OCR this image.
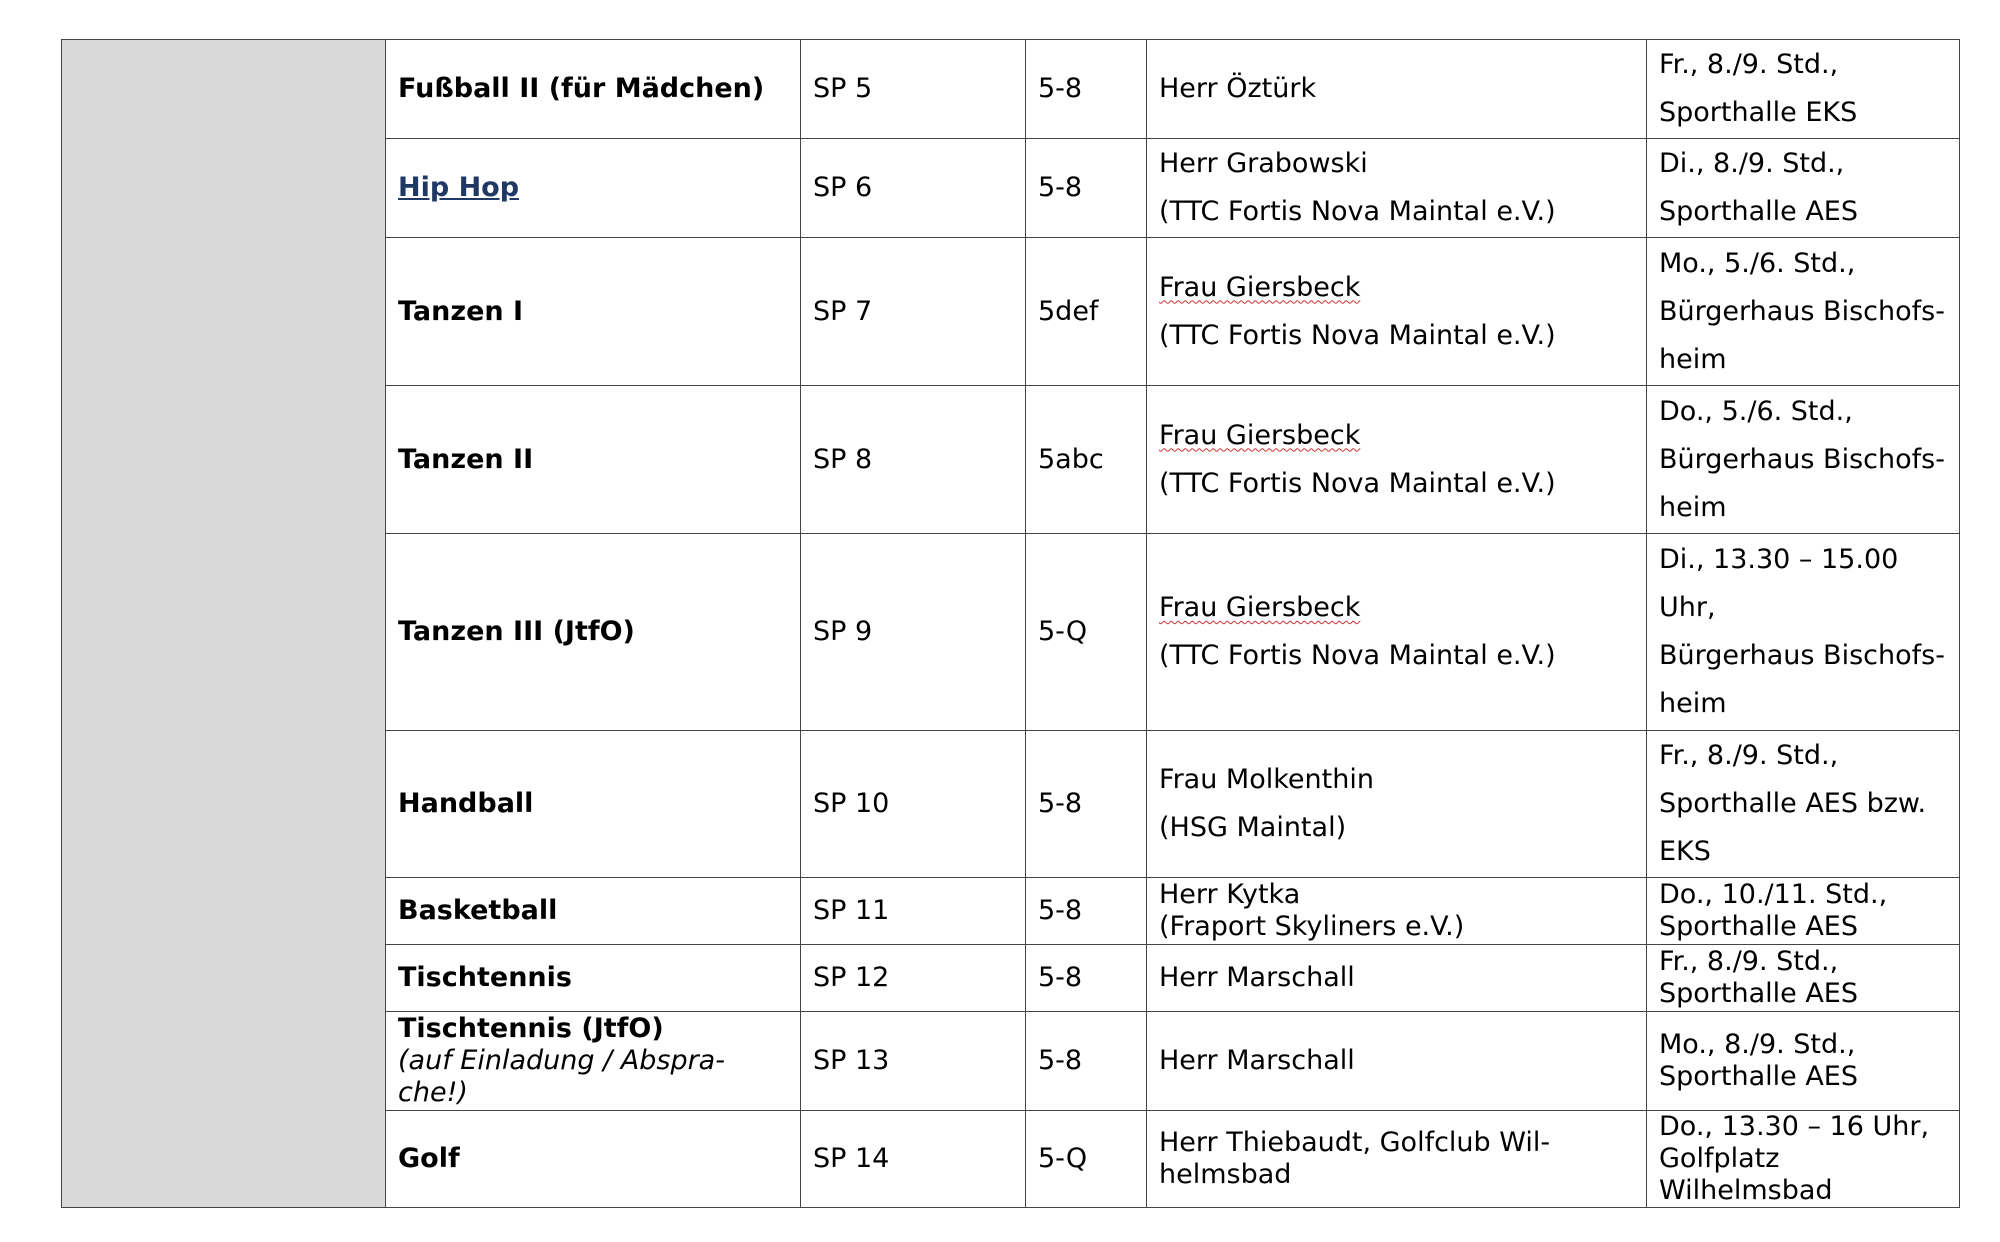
	Fußball II (für Mädchen)	SP 5	5-8	Herr Öztürk	Fr., 8./9. Std.,
Sporthalle EKS

	Hip Hop	SP 6	5-8	Herr Grabowski
(TTC Fortis Nova Maintal e.V.)	Di., 8./9. Std.,
Sporthalle AES

	Tanzen I	SP 7	5def	Frau Giersbeck
(TTC Fortis Nova Maintal e.V.)	Mo., 5./6. Std.,
Bürgerhaus Bischofs-
heim

	Tanzen II	SP 8	5abc	Frau Giersbeck
(TTC Fortis Nova Maintal e.V.)	Do., 5./6. Std.,
Bürgerhaus Bischofs-
heim

	Tanzen III (JtfO)	SP 9	5-Q	Frau Giersbeck
(TTC Fortis Nova Maintal e.V.)	Di., 13.30 – 15.00
Uhr,
Bürgerhaus Bischofs-
heim

	Handball	SP 10	5-8	Frau Molkenthin
(HSG Maintal)	Fr., 8./9. Std.,
Sporthalle AES bzw.
EKS

	Basketball	SP 11	5-8	Herr Kytka
(Fraport Skyliners e.V.)	Do., 10./11. Std.,
Sporthalle AES

	Tischtennis	SP 12	5-8	Herr Marschall	Fr., 8./9. Std.,
Sporthalle AES

	Tischtennis (JtfO)
(auf Einladung / Abspra-
che!)	SP 13	5-8	Herr Marschall	Mo., 8./9. Std.,
Sporthalle AES

	Golf	SP 14	5-Q	Herr Thiebaudt, Golfclub Wil-
helmsbad	Do., 13.30 – 16 Uhr,
Golfplatz Wilhelmsbad
